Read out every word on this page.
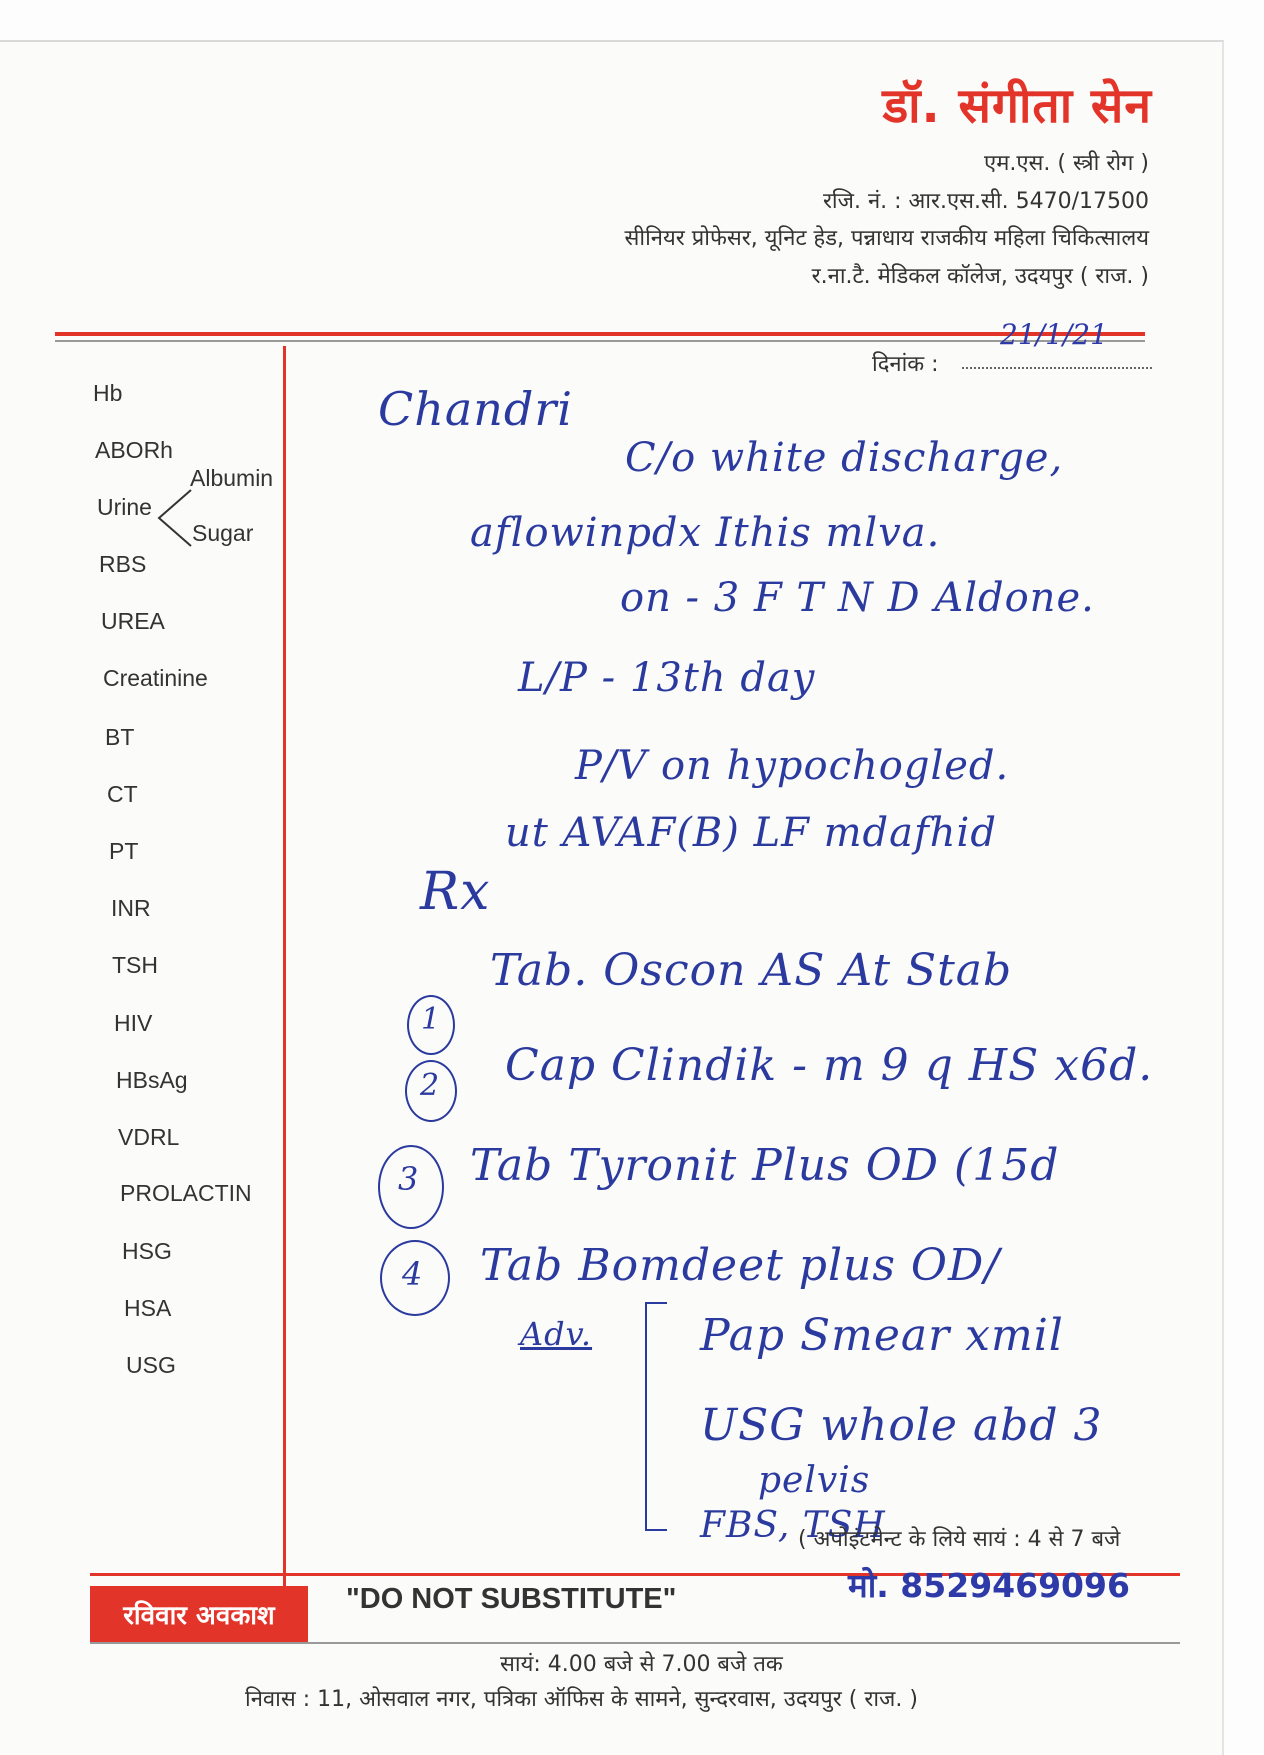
डॉ. संगीता सेन
एम.एस. ( स्त्री रोग )
रजि. नं. : आर.एस.सी. 5470/17500
सीनियर प्रोफेसर, यूनिट हेड, पन्नाधाय राजकीय महिला चिकित्सालय
र.ना.टै. मेडिकल कॉलेज, उदयपुर ( राज. )
दिनांक :
21/1/21
Hb
ABORh
Urine
Albumin
Sugar
RBS
UREA
Creatinine
BT
CT
PT
INR
TSH
HIV
HBsAg
VDRL
PROLACTIN
HSG
HSA
USG
Chandri
C/o white discharge,
aflowinpdx Ithis mlva.
on - 3 F T N D Aldone.
L/P - 13th day
P/V on hypochogled.
ut AVAF(B) LF mdafhid
Rx
Tab. Oscon AS At Stab
Cap Clindik - m 9 q HS x6d.
Tab Tyronit Plus OD (15d
Tab Bomdeet plus OD/
1
2
3
4
Adv. Pap Smear xmil
USG whole abd 3
pelvis
FBS, TSH
( अपोइंटमेन्ट के लिये सायं : 4 से 7 बजे
रविवार अवकाश
"DO NOT SUBSTITUTE"	मो. 8529469096
सायं: 4.00 बजे से 7.00 बजे तक
निवास : 11, ओसवाल नगर, पत्रिका ऑफिस के सामने, सुन्दरवास, उदयपुर ( राज. )
